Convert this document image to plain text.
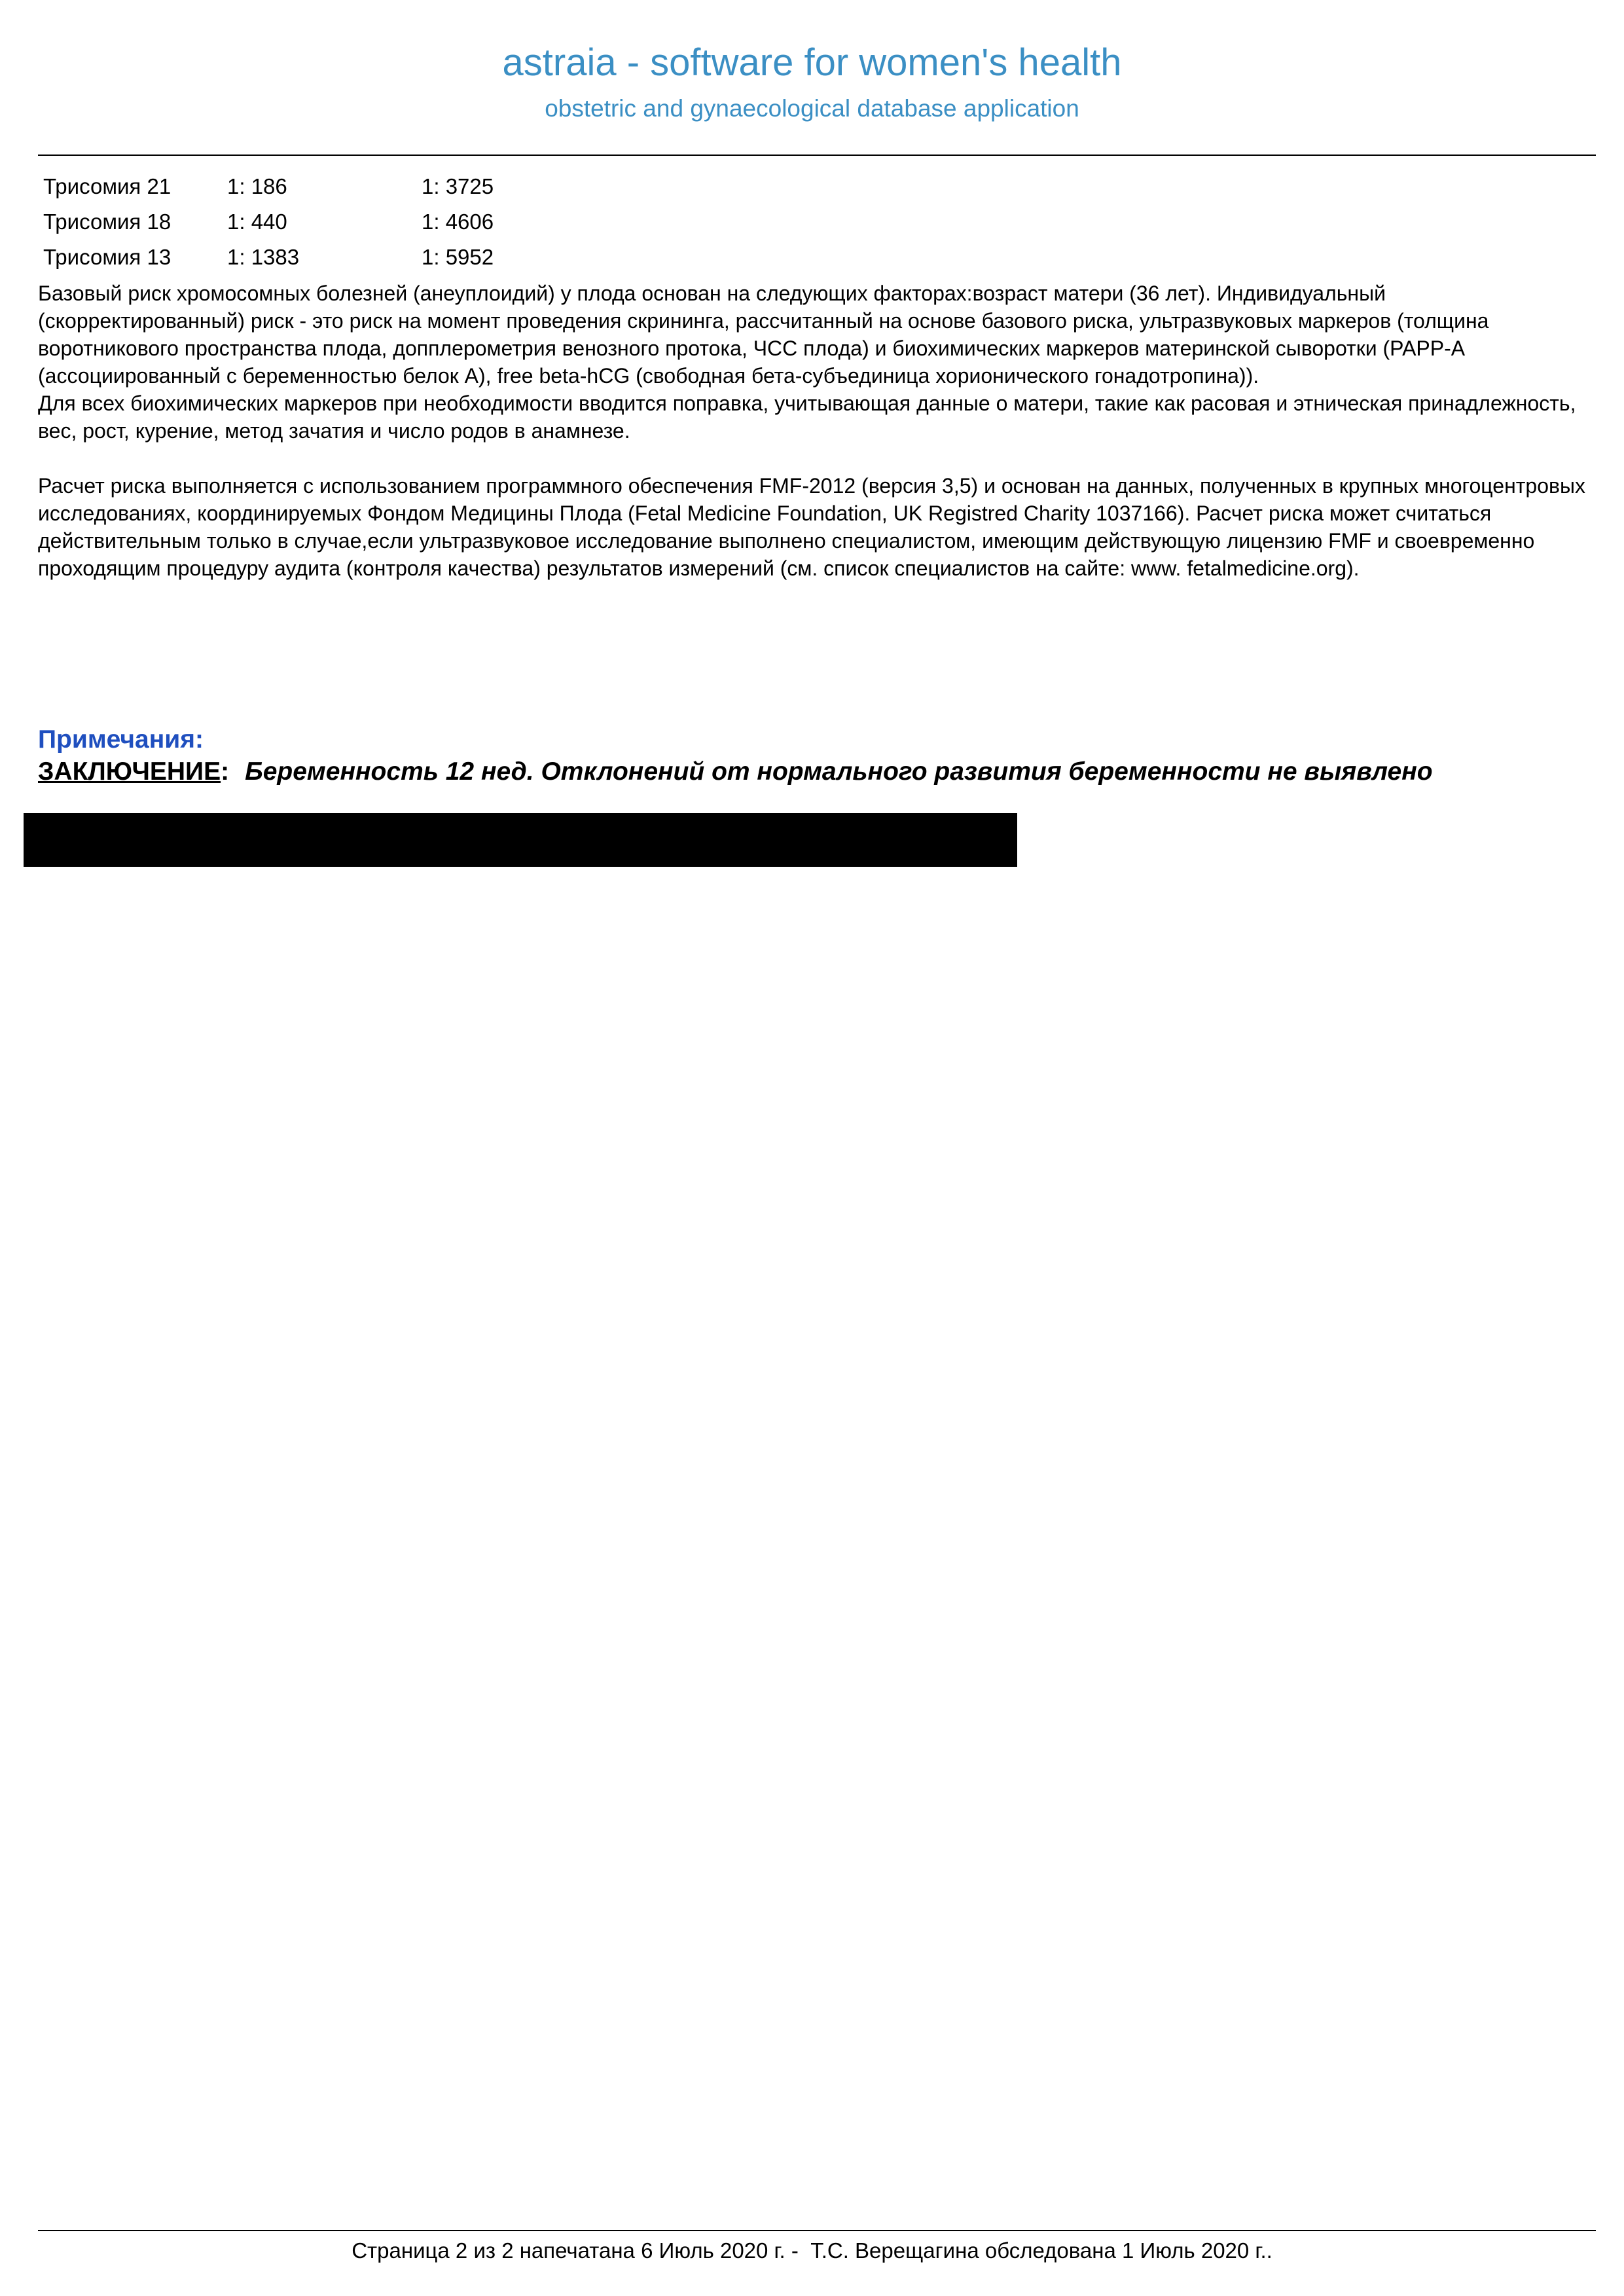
astraia - software for women's health
obstetric and gynaecological database application
Трисомия 21	1: 186	1: 3725
Трисомия 18	1: 440	1: 4606
Трисомия 13	1: 1383	1: 5952

Базовый риск хромосомных болезней (анеуплоидий) у плода основан на следующих факторах:возраст матери (36 лет). Индивидуальный (скорректированный) риск - это риск на момент проведения скрининга, рассчитанный на основе базового риска, ультразвуковых маркеров (толщина воротникового пространства плода, допплерометрия венозного протока, ЧСС плода) и биохимических маркеров материнской сыворотки (PAPP-A (ассоциированный с беременностью белок А), free beta-hCG (свободная бета-субъединица хорионического гонадотропина)).
Для всех биохимических маркеров при необходимости вводится поправка, учитывающая данные о матери, такие как расовая и этническая принадлежность, вес, рост, курение, метод зачатия и число родов в анамнезе.

Расчет риска выполняется с использованием программного обеспечения FMF-2012 (версия 3,5) и основан на данных, полученных в крупных многоцентровых исследованиях, координируемых Фондом Медицины Плода (Fetal Medicine Foundation, UK Registred Charity 1037166). Расчет риска может считаться действительным только в случае,если ультразвуковое исследование выполнено специалистом, имеющим действующую лицензию FMF и своевременно проходящим процедуру аудита (контроля качества) результатов измерений (см. список специалистов на сайте: www. fetalmedicine.org).

Примечания:
ЗАКЛЮЧЕНИЕ: Беременность 12 нед. Отклонений от нормального развития беременности не выявлено
Страница 2 из 2 напечатана 6 Июль 2020 г. -  Т.С. Верещагина обследована 1 Июль 2020 г..
